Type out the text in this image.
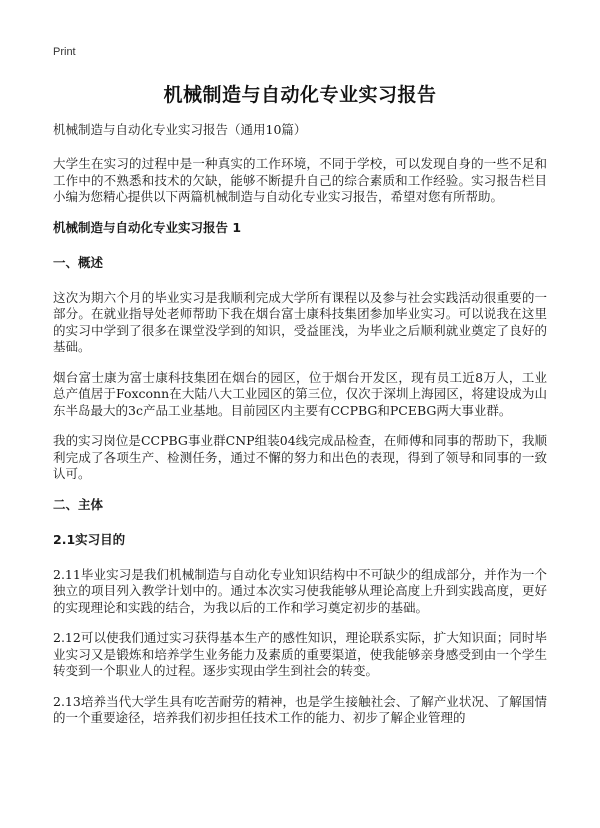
Print
机械制造与自动化专业实习报告
机械制造与自动化专业实习报告（通用10篇）

大学生在实习的过程中是一种真实的工作环境，不同于学校，可以发现自身的一些不足和工作中的不熟悉和技术的欠缺，能够不断提升自己的综合素质和工作经验。实习报告栏目小编为您精心提供以下两篇机械制造与自动化专业实习报告，希望对您有所帮助。

机械制造与自动化专业实习报告 1
一、概述

这次为期六个月的毕业实习是我顺利完成大学所有课程以及参与社会实践活动很重要的一部分。在就业指导处老师帮助下我在烟台富士康科技集团参加毕业实习。可以说我在这里的实习中学到了很多在课堂没学到的知识，受益匪浅，为毕业之后顺利就业奠定了良好的基础。

烟台富士康为富士康科技集团在烟台的园区，位于烟台开发区，现有员工近8万人，工业总产值居于Foxconn在大陆八大工业园区的第三位，仅次于深圳上海园区，将建设成为山东半岛最大的3c产品工业基地。目前园区内主要有CCPBG和PCEBG两大事业群。

我的实习岗位是CCPBG事业群CNP组装04线完成品检查，在师傅和同事的帮助下，我顺利完成了各项生产、检测任务，通过不懈的努力和出色的表现，得到了领导和同事的一致认可。

二、主体
2.1实习目的

2.11毕业实习是我们机械制造与自动化专业知识结构中不可缺少的组成部分，并作为一个独立的项目列入教学计划中的。通过本次实习使我能够从理论高度上升到实践高度，更好的实现理论和实践的结合，为我以后的工作和学习奠定初步的基础。

2.12可以使我们通过实习获得基本生产的感性知识，理论联系实际，扩大知识面；同时毕业实习又是锻炼和培养学生业务能力及素质的重要渠道，使我能够亲身感受到由一个学生转变到一个职业人的过程。逐步实现由学生到社会的转变。

2.13培养当代大学生具有吃苦耐劳的精神，也是学生接触社会、了解产业状况、了解国情的一个重要途径，培养我们初步担任技术工作的能力、初步了解企业管理的
